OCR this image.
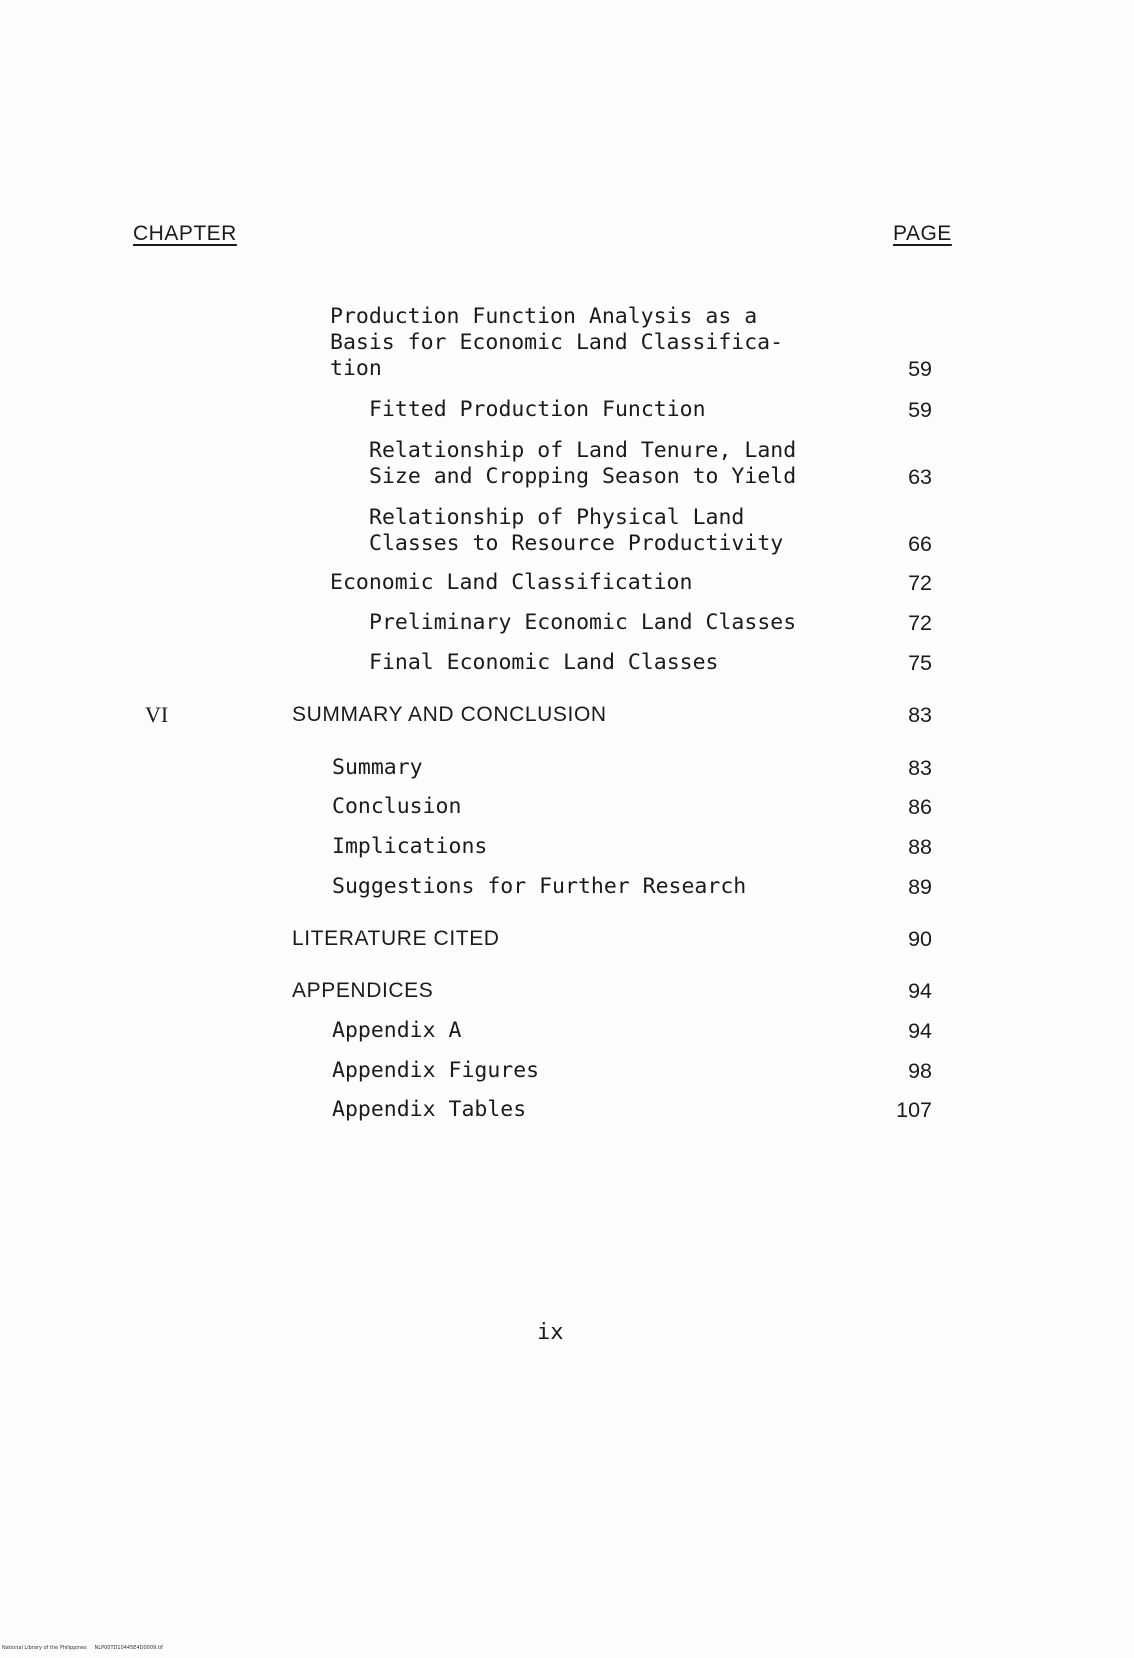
CHAPTER	PAGE
Production Function Analysis as a
Basis for Economic Land Classifica-
tion	59
Fitted Production Function	59
Relationship of Land Tenure, Land
Size and Cropping Season to Yield	63
Relationship of Physical Land
Classes to Resource Productivity	66
Economic Land Classification	72
Preliminary Economic Land Classes	72
Final Economic Land Classes	75
VI	SUMMARY AND CONCLUSION	83
Summary	83
Conclusion	86
Implications	88
Suggestions for Further Research	89
LITERATURE CITED	90
APPENDICES	94
Appendix A	94
Appendix Figures	98
Appendix Tables	107
ix
National Library of the Philippines     NLP00TD10445E4D0009.tif
